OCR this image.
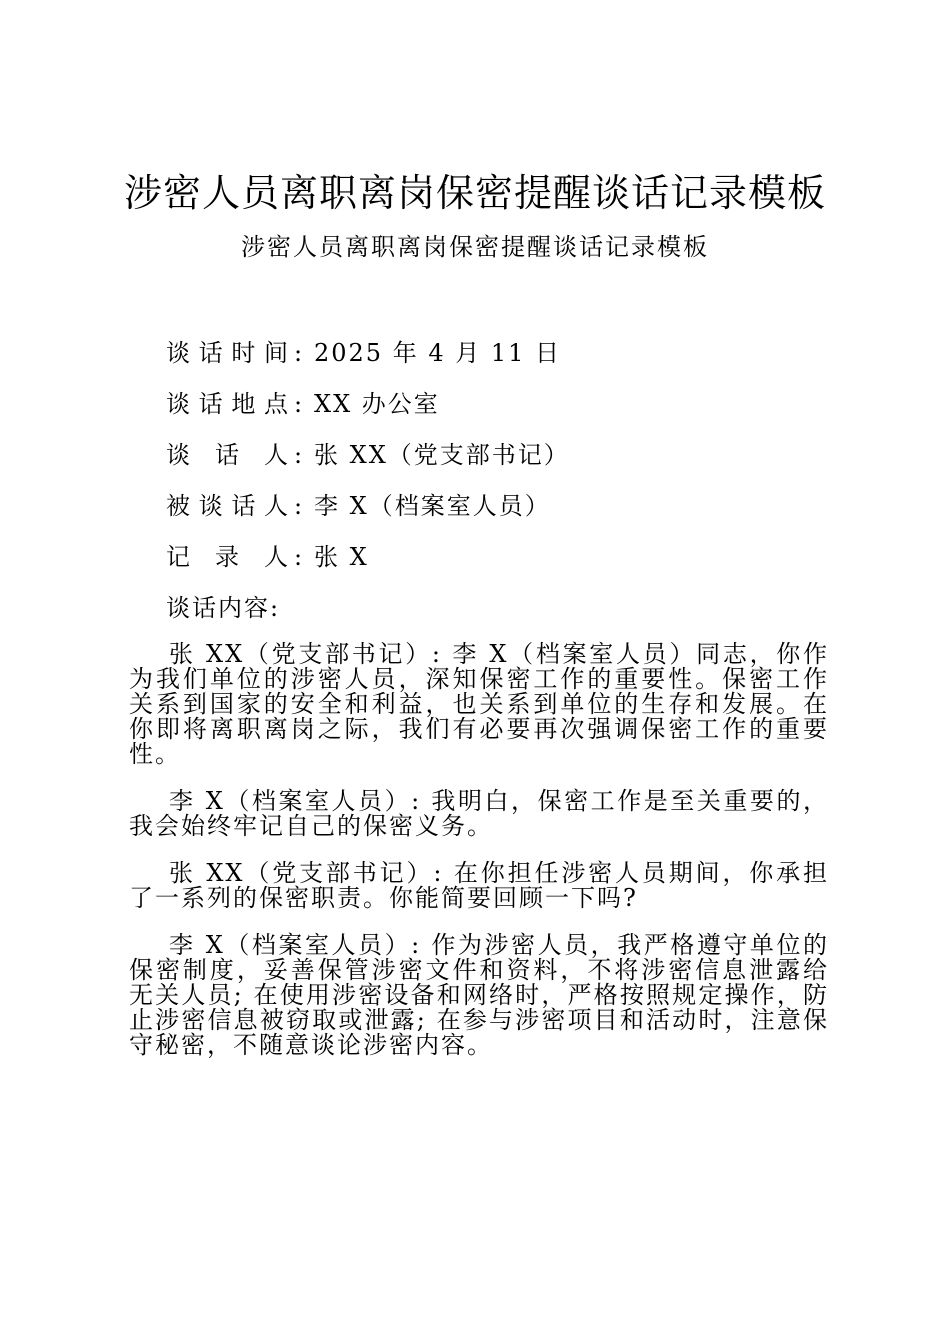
涉密人员离职离岗保密提醒谈话记录模板
涉密人员离职离岗保密提醒谈话记录模板
谈话时间: 2025 年 4 月 11 日
谈话地点: XX 办公室
谈话人: 张 XX（党支部书记）
被谈话人: 李 X（档案室人员）
记录人: 张 X
谈话内容:

张 XX（党支部书记）: 李 X（档案室人员）同志，你作为我们单位的涉密人员，深知保密工作的重要性。保密工作关系到国家的安全和利益，也关系到单位的生存和发展。在你即将离职离岗之际，我们有必要再次强调保密工作的重要性。

李 X（档案室人员）: 我明白，保密工作是至关重要的，我会始终牢记自己的保密义务。

张 XX（党支部书记）: 在你担任涉密人员期间，你承担了一系列的保密职责。你能简要回顾一下吗?

李 X（档案室人员）: 作为涉密人员，我严格遵守单位的保密制度，妥善保管涉密文件和资料，不将涉密信息泄露给无关人员; 在使用涉密设备和网络时，严格按照规定操作，防止涉密信息被窃取或泄露; 在参与涉密项目和活动时，注意保守秘密，不随意谈论涉密内容。
